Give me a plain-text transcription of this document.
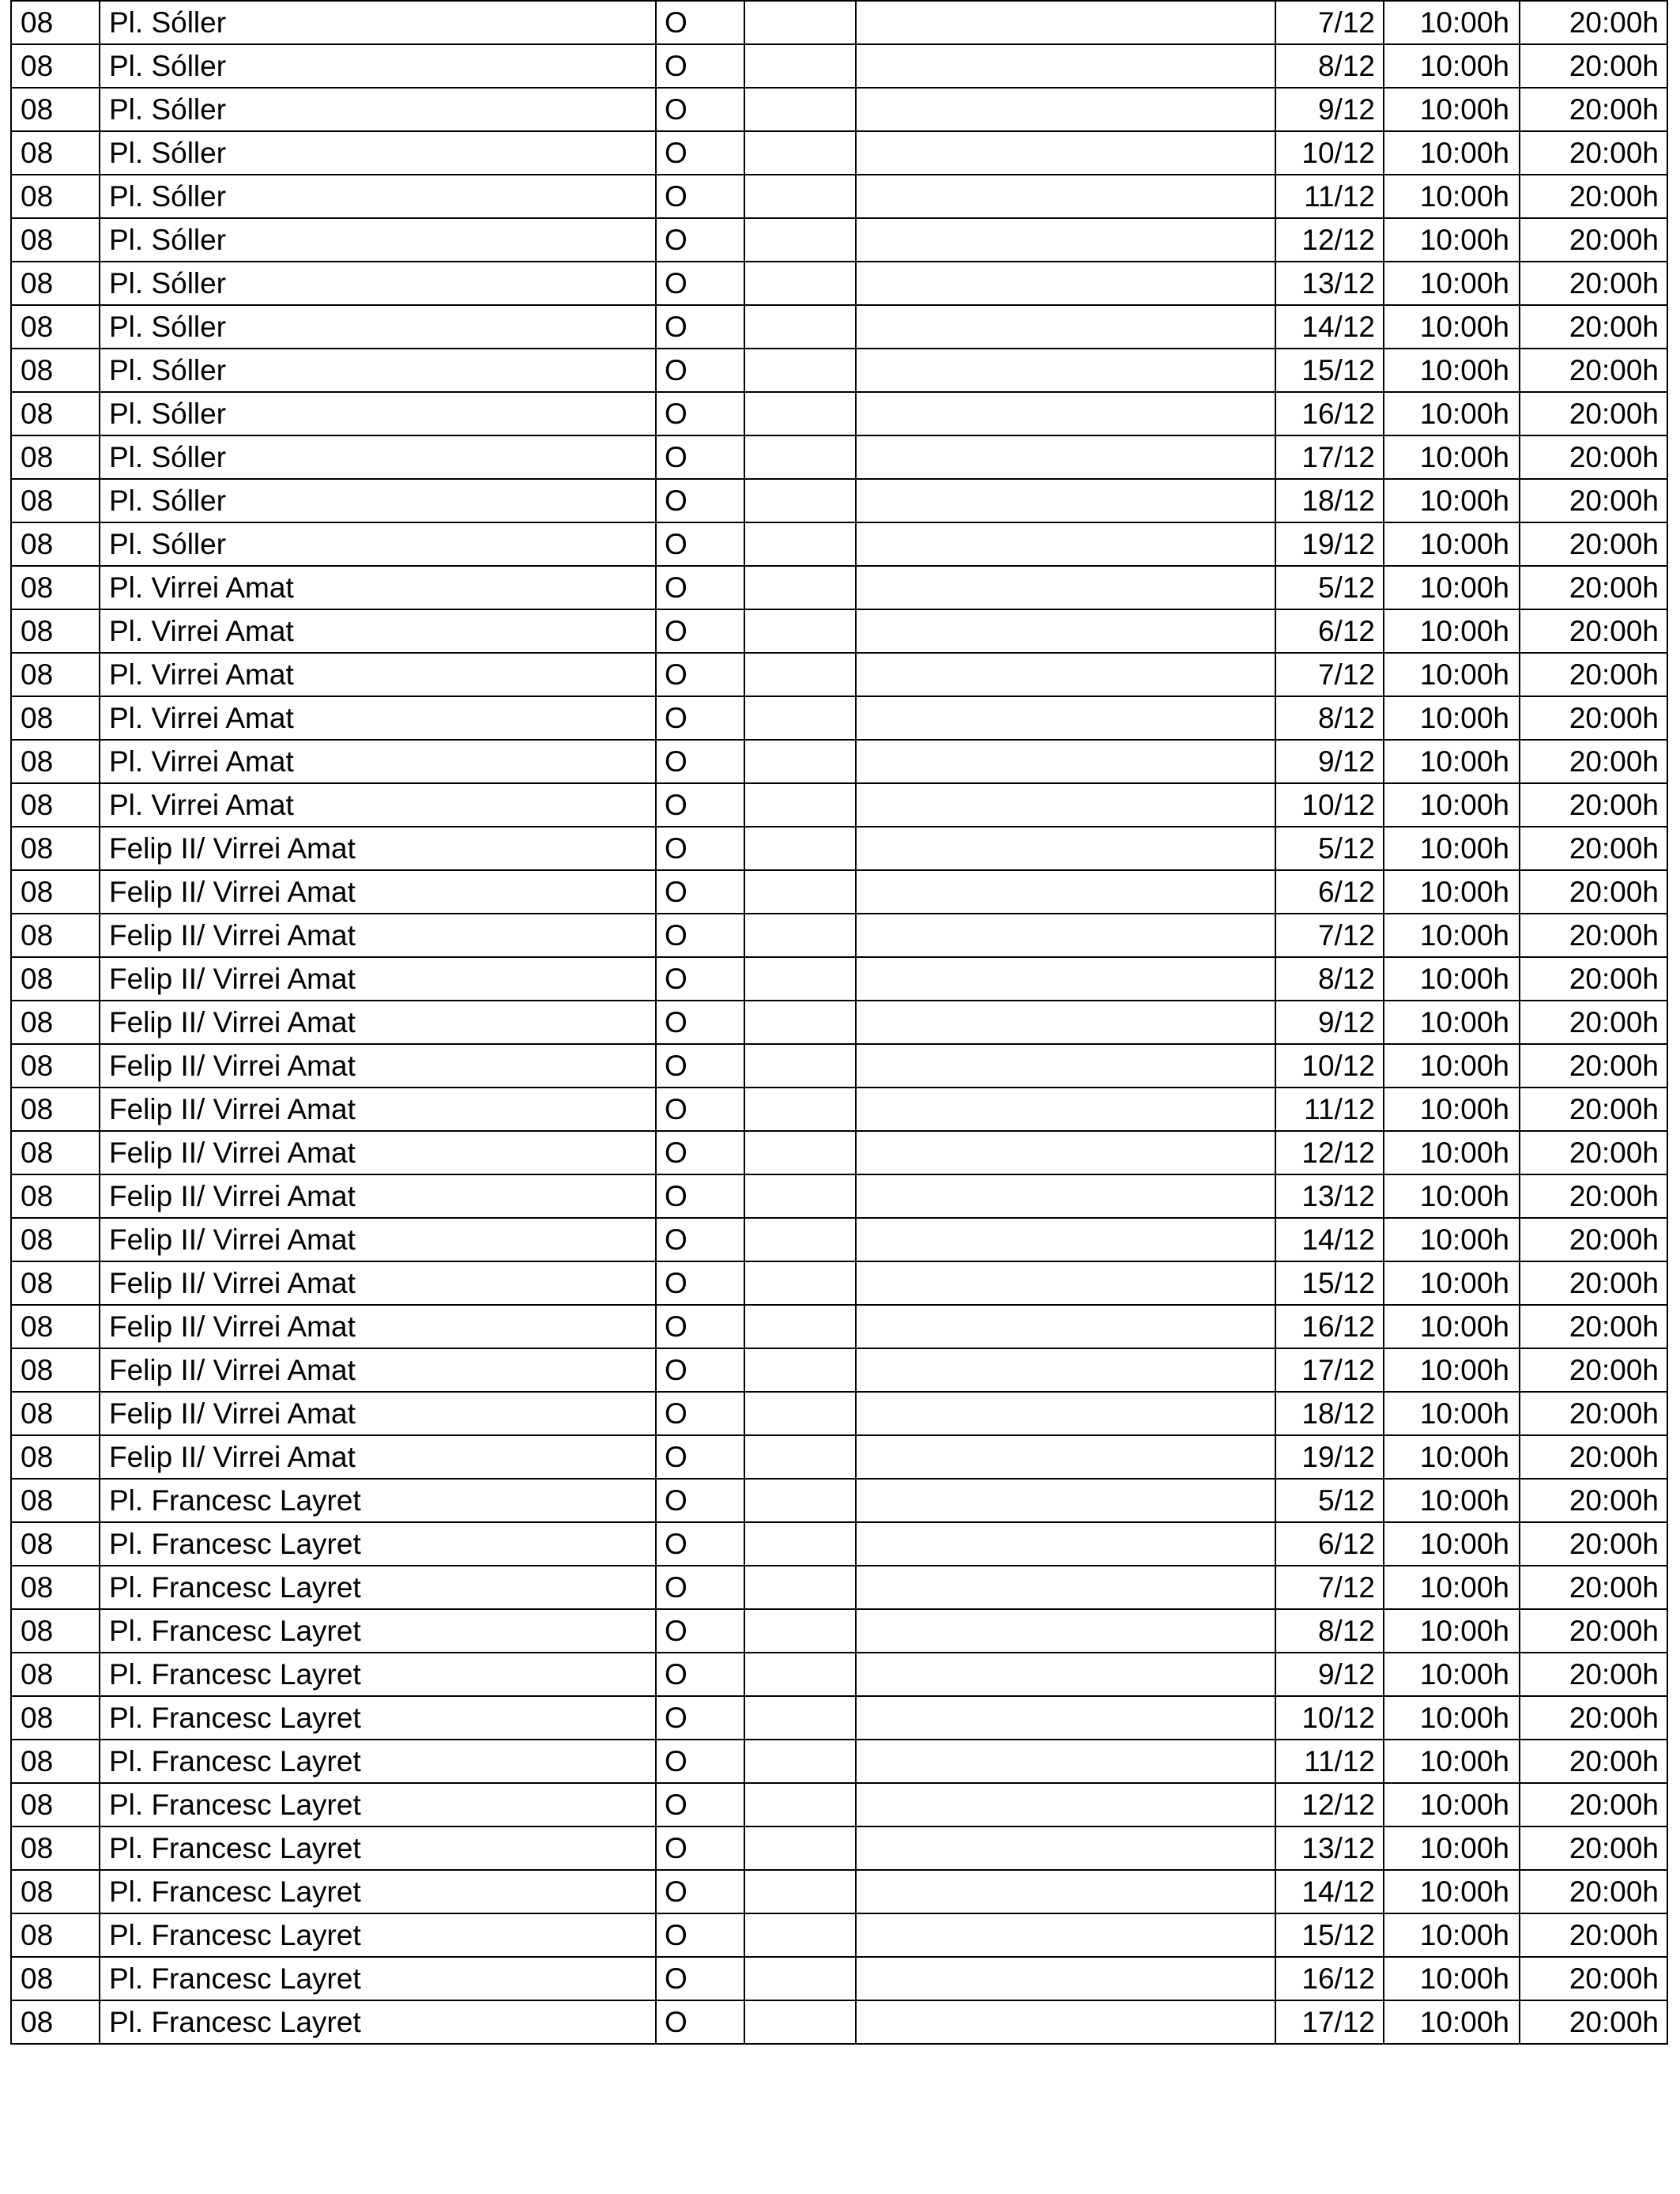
08	Pl. Sóller	O			7/12	10:00h	20:00h
08	Pl. Sóller	O			8/12	10:00h	20:00h
08	Pl. Sóller	O			9/12	10:00h	20:00h
08	Pl. Sóller	O			10/12	10:00h	20:00h
08	Pl. Sóller	O			11/12	10:00h	20:00h
08	Pl. Sóller	O			12/12	10:00h	20:00h
08	Pl. Sóller	O			13/12	10:00h	20:00h
08	Pl. Sóller	O			14/12	10:00h	20:00h
08	Pl. Sóller	O			15/12	10:00h	20:00h
08	Pl. Sóller	O			16/12	10:00h	20:00h
08	Pl. Sóller	O			17/12	10:00h	20:00h
08	Pl. Sóller	O			18/12	10:00h	20:00h
08	Pl. Sóller	O			19/12	10:00h	20:00h
08	Pl. Virrei Amat	O			5/12	10:00h	20:00h
08	Pl. Virrei Amat	O			6/12	10:00h	20:00h
08	Pl. Virrei Amat	O			7/12	10:00h	20:00h
08	Pl. Virrei Amat	O			8/12	10:00h	20:00h
08	Pl. Virrei Amat	O			9/12	10:00h	20:00h
08	Pl. Virrei Amat	O			10/12	10:00h	20:00h
08	Felip II/ Virrei Amat	O			5/12	10:00h	20:00h
08	Felip II/ Virrei Amat	O			6/12	10:00h	20:00h
08	Felip II/ Virrei Amat	O			7/12	10:00h	20:00h
08	Felip II/ Virrei Amat	O			8/12	10:00h	20:00h
08	Felip II/ Virrei Amat	O			9/12	10:00h	20:00h
08	Felip II/ Virrei Amat	O			10/12	10:00h	20:00h
08	Felip II/ Virrei Amat	O			11/12	10:00h	20:00h
08	Felip II/ Virrei Amat	O			12/12	10:00h	20:00h
08	Felip II/ Virrei Amat	O			13/12	10:00h	20:00h
08	Felip II/ Virrei Amat	O			14/12	10:00h	20:00h
08	Felip II/ Virrei Amat	O			15/12	10:00h	20:00h
08	Felip II/ Virrei Amat	O			16/12	10:00h	20:00h
08	Felip II/ Virrei Amat	O			17/12	10:00h	20:00h
08	Felip II/ Virrei Amat	O			18/12	10:00h	20:00h
08	Felip II/ Virrei Amat	O			19/12	10:00h	20:00h
08	Pl. Francesc Layret	O			5/12	10:00h	20:00h
08	Pl. Francesc Layret	O			6/12	10:00h	20:00h
08	Pl. Francesc Layret	O			7/12	10:00h	20:00h
08	Pl. Francesc Layret	O			8/12	10:00h	20:00h
08	Pl. Francesc Layret	O			9/12	10:00h	20:00h
08	Pl. Francesc Layret	O			10/12	10:00h	20:00h
08	Pl. Francesc Layret	O			11/12	10:00h	20:00h
08	Pl. Francesc Layret	O			12/12	10:00h	20:00h
08	Pl. Francesc Layret	O			13/12	10:00h	20:00h
08	Pl. Francesc Layret	O			14/12	10:00h	20:00h
08	Pl. Francesc Layret	O			15/12	10:00h	20:00h
08	Pl. Francesc Layret	O			16/12	10:00h	20:00h
08	Pl. Francesc Layret	O			17/12	10:00h	20:00h
